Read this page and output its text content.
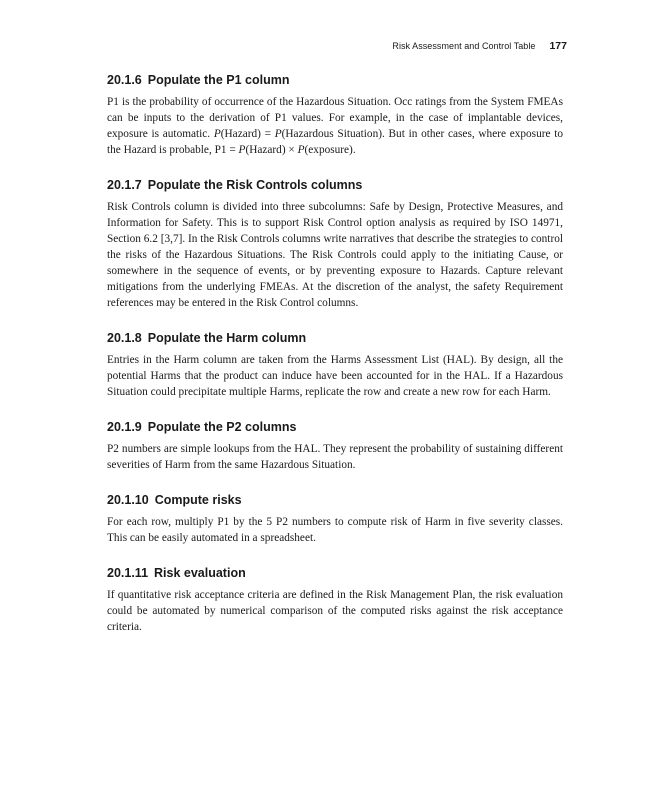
Risk Assessment and Control Table 177
20.1.6 Populate the P1 column

P1 is the probability of occurrence of the Hazardous Situation. Occ ratings from the System FMEAs can be inputs to the derivation of P1 values. For example, in the case of implantable devices, exposure is automatic. P(Hazard) = P(Hazardous Situation). But in other cases, where exposure to the Hazard is probable, P1 = P(Hazard) × P(exposure).

20.1.7 Populate the Risk Controls columns

Risk Controls column is divided into three subcolumns: Safe by Design, Protective Measures, and Information for Safety. This is to support Risk Control option analysis as required by ISO 14971, Section 6.2 [3,7]. In the Risk Controls columns write narratives that describe the strategies to control the risks of the Hazardous Situations. The Risk Controls could apply to the initiating Cause, or somewhere in the sequence of events, or by preventing exposure to Hazards. Capture relevant mitigations from the underlying FMEAs. At the discretion of the analyst, the safety Requirement references may be entered in the Risk Control columns.

20.1.8 Populate the Harm column

Entries in the Harm column are taken from the Harms Assessment List (HAL). By design, all the potential Harms that the product can induce have been accounted for in the HAL. If a Hazardous Situation could precipitate multiple Harms, replicate the row and create a new row for each Harm.

20.1.9 Populate the P2 columns

P2 numbers are simple lookups from the HAL. They represent the probability of sustaining different severities of Harm from the same Hazardous Situation.

20.1.10 Compute risks

For each row, multiply P1 by the 5 P2 numbers to compute risk of Harm in five severity classes. This can be easily automated in a spreadsheet.

20.1.11 Risk evaluation

If quantitative risk acceptance criteria are defined in the Risk Management Plan, the risk evaluation could be automated by numerical comparison of the computed risks against the risk acceptance criteria.
